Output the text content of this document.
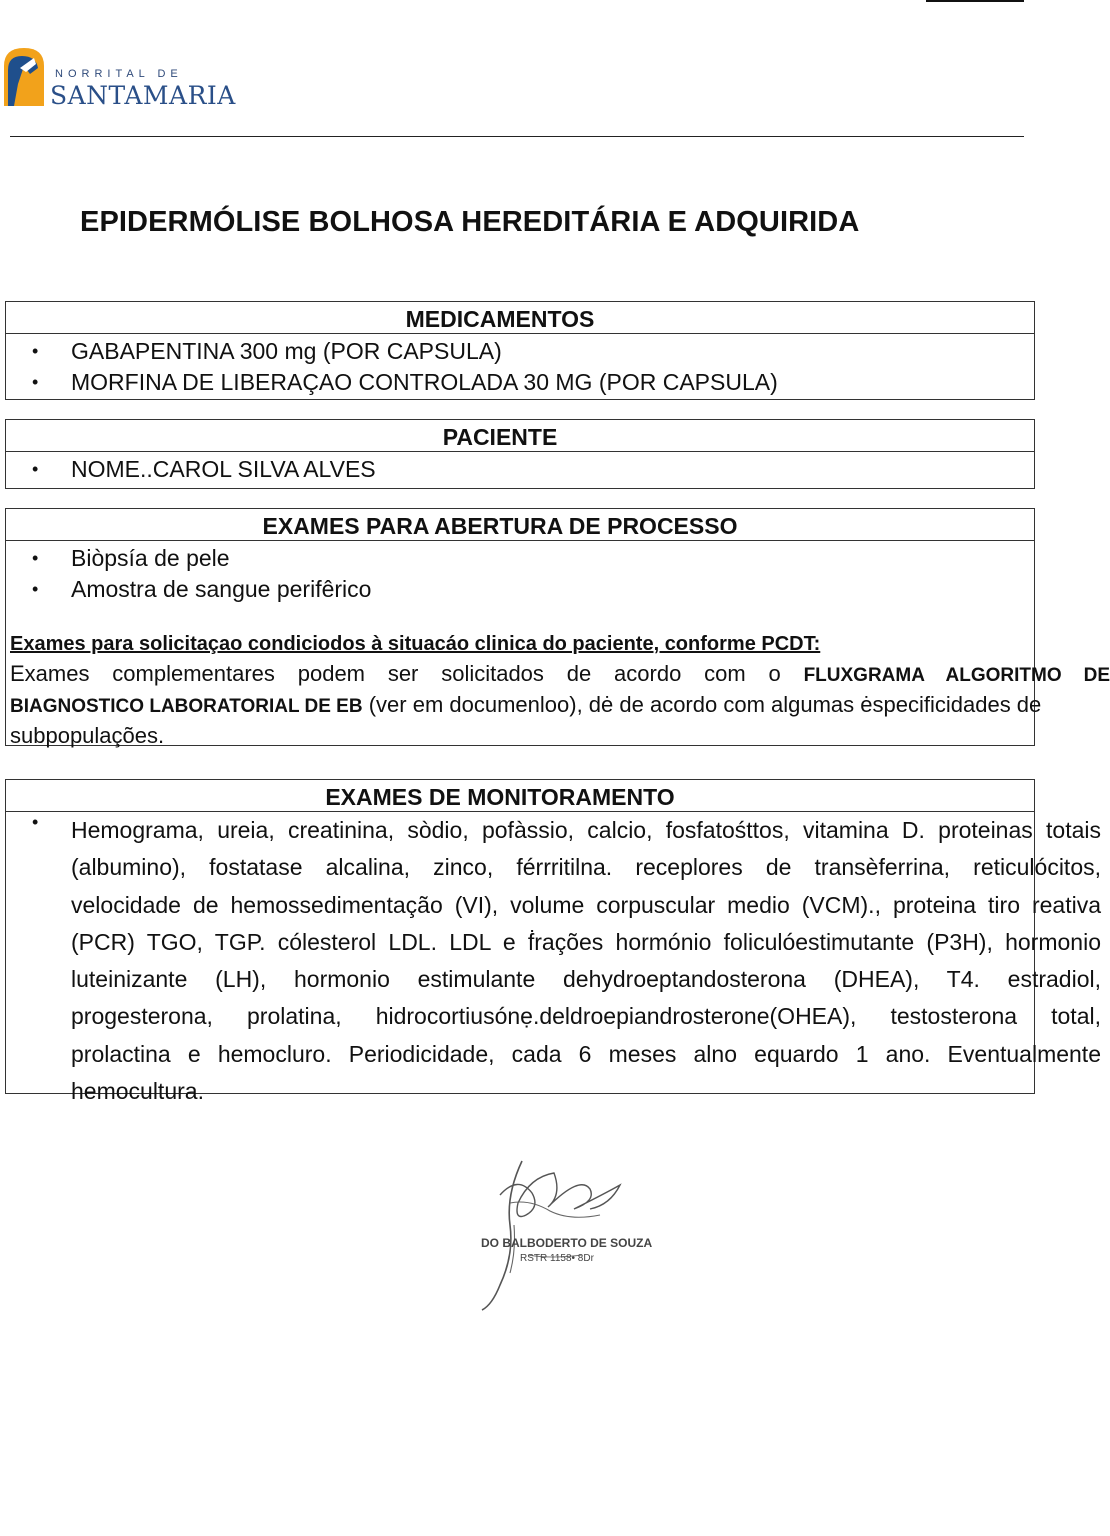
NORRITAL DE
SANTAMARIA
EPIDERMÓLISE BOLHOSA HEREDITÁRIA E ADQUIRIDA
MEDICAMENTOS
• GABAPENTINA 300 mg (POR CAPSULA)
• MORFINA DE LIBERAÇAO CONTROLADA 30 MG (POR CAPSULA)
PACIENTE
• NOME..CAROL SILVA ALVES
EXAMES PARA ABERTURA DE PROCESSO
• Biòpsía de pele
• Amostra de sangue perifêrico
Exames para solicitaçao condiciodos à situacáo clinica do paciente, conforme PCDT:
Exames complementares podem ser solicitados de acordo com o FLUXGRAMA ALGORITMO DE
BIAGNOSTICO LABORATORIAL DE EB (ver em documenloo), dė de acordo com algumas ėspecificidades de
subpopulações.
EXAMES DE MONITORAMENTO
• Hemograma, ureia, creatinina, sòdio, pofàssio, calcio, fosfatośttos, vitamina D. proteinas totais
(albumino), fostatase alcalina, zinco, férrritilna. receplores de transèferrina, reticulócitos,
velocidade de hemossedimentação (VI), volume corpuscular medio (VCM)., proteina tiro reativa
(PCR) TGO, TGP. cólesterol LDL. LDL e ḟrações hormónio foliculóestimutante (P3H), hormonio
luteinizante (LH), hormonio estimulante dehydroeptandosterona (DHEA), T4. estradiol,
progesterona, prolatina, hidrocortiusónẹ.deldroepiandrosterone(OHEA), testosterona total,
prolactina e hemocluro. Periodicidade, cada 6 meses alno equardo 1 ano. Eventualmente
hemocultura.
DO BALBODERTO DE SOUZA
RSTR 1158• 8Dr
